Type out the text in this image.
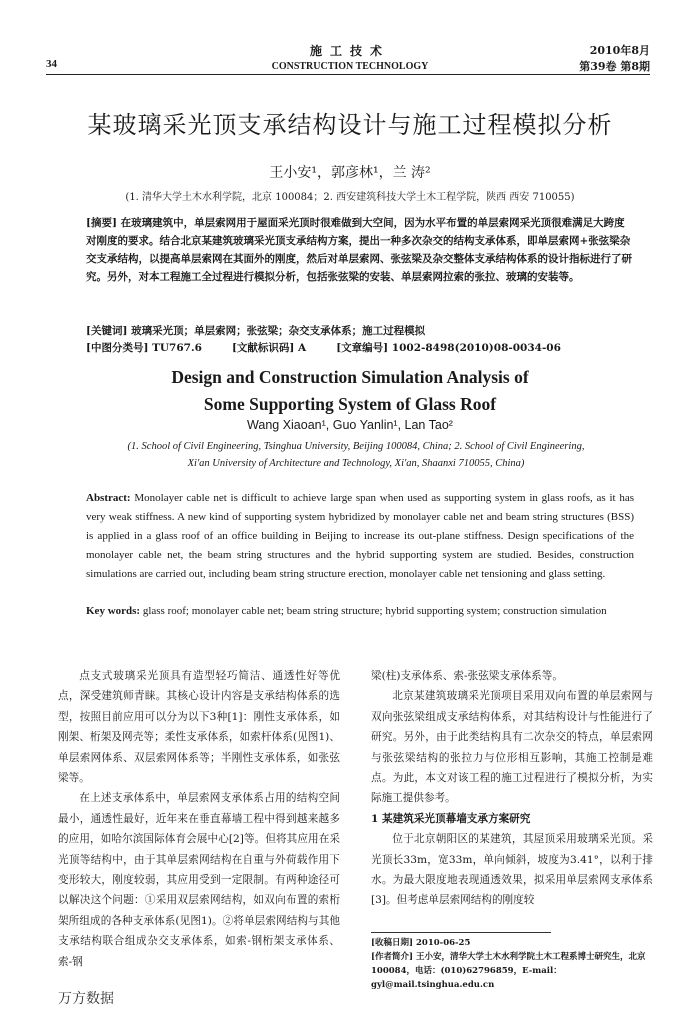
施工技术
CONSTRUCTION TECHNOLOGY
2010年8月
第39卷 第8期
34
某玻璃采光顶支承结构设计与施工过程模拟分析
王小安¹，郭彦林¹，兰 涛²
(1. 清华大学土木水利学院，北京 100084；2. 西安建筑科技大学土木工程学院，陕西 西安 710055)
[摘要] 在玻璃建筑中，单层索网用于屋面采光顶时很难做到大空间，因为水平布置的单层索网采光顶很难满足大跨度对刚度的要求。结合北京某建筑玻璃采光顶支承结构方案，提出一种多次杂交的结构支承体系，即单层索网+张弦梁杂交支承结构，以提高单层索网在其面外的刚度，然后对单层索网、张弦梁及杂交整体支承结构体系的设计指标进行了研究。另外，对本工程施工全过程进行模拟分析，包括张弦梁的安装、单层索网拉索的张拉、玻璃的安装等。
[关键词] 玻璃采光顶；单层索网；张弦梁；杂交支承体系；施工过程模拟
[中图分类号] TU767.6	[文献标识码] A	[文章编号] 1002-8498(2010)08-0034-06
Design and Construction Simulation Analysis of
Some Supporting System of Glass Roof
Wang Xiaoan¹, Guo Yanlin¹, Lan Tao²
(1. School of Civil Engineering, Tsinghua University, Beijing 100084, China; 2. School of Civil Engineering,
Xi'an University of Architecture and Technology, Xi'an, Shaanxi 710055, China)
Abstract: Monolayer cable net is difficult to achieve large span when used as supporting system in glass roofs, as it has very weak stiffness. A new kind of supporting system hybridized by monolayer cable net and beam string structures (BSS) is applied in a glass roof of an office building in Beijing to increase its out-plane stiffness. Design specifications of the monolayer cable net, the beam string structures and the hybrid supporting system are studied. Besides, construction simulations are carried out, including beam string structure erection, monolayer cable net tensioning and glass setting.
Key words: glass roof; monolayer cable net; beam string structure; hybrid supporting system; construction simulation

点支式玻璃采光顶具有造型轻巧简洁、通透性好等优点，深受建筑师青睐。其核心设计内容是支承结构体系的选型，按照目前应用可以分为以下3种[1]：刚性支承体系，如刚架、桁架及网壳等；柔性支承体系，如索杆体系(见图1)、单层索网体系、双层索网体系等；半刚性支承体系，如张弦梁等。

在上述支承体系中，单层索网支承体系占用的结构空间最小，通透性最好，近年来在垂直幕墙工程中得到越来越多的应用，如哈尔滨国际体育会展中心[2]等。但将其应用在采光顶等结构中，由于其单层索网结构在自重与外荷载作用下变形较大，刚度较弱，其应用受到一定限制。有两种途径可以解决这个问题：①采用双层索网结构，如双向布置的索桁架所组成的各种支承体系(见图1)。②将单层索网结构与其他支承结构联合组成杂交支承体系，如索-钢桁架支承体系、索-钢

梁(柱)支承体系、索-张弦梁支承体系等。

北京某建筑玻璃采光顶项目采用双向布置的单层索网与双向张弦梁组成支承结构体系，对其结构设计与性能进行了研究。另外，由于此类结构具有二次杂交的特点，单层索网与张弦梁结构的张拉力与位形相互影响，其施工控制是难点。为此，本文对该工程的施工过程进行了模拟分析，为实际施工提供参考。

1 某建筑采光顶幕墙支承方案研究

位于北京朝阳区的某建筑，其屋顶采用玻璃采光顶。采光顶长33m，宽33m，单向倾斜，坡度为3.41°，以利于排水。为最大限度地表现通透效果，拟采用单层索网支承体系[3]。但考虑单层索网结构的刚度较

[收稿日期] 2010-06-25
[作者简介] 王小安，清华大学土木水利学院土木工程系博士研究生，北京 100084，电话：(010)62796859，E-mail：gyl@mail.tsinghua.edu.cn
万方数据
